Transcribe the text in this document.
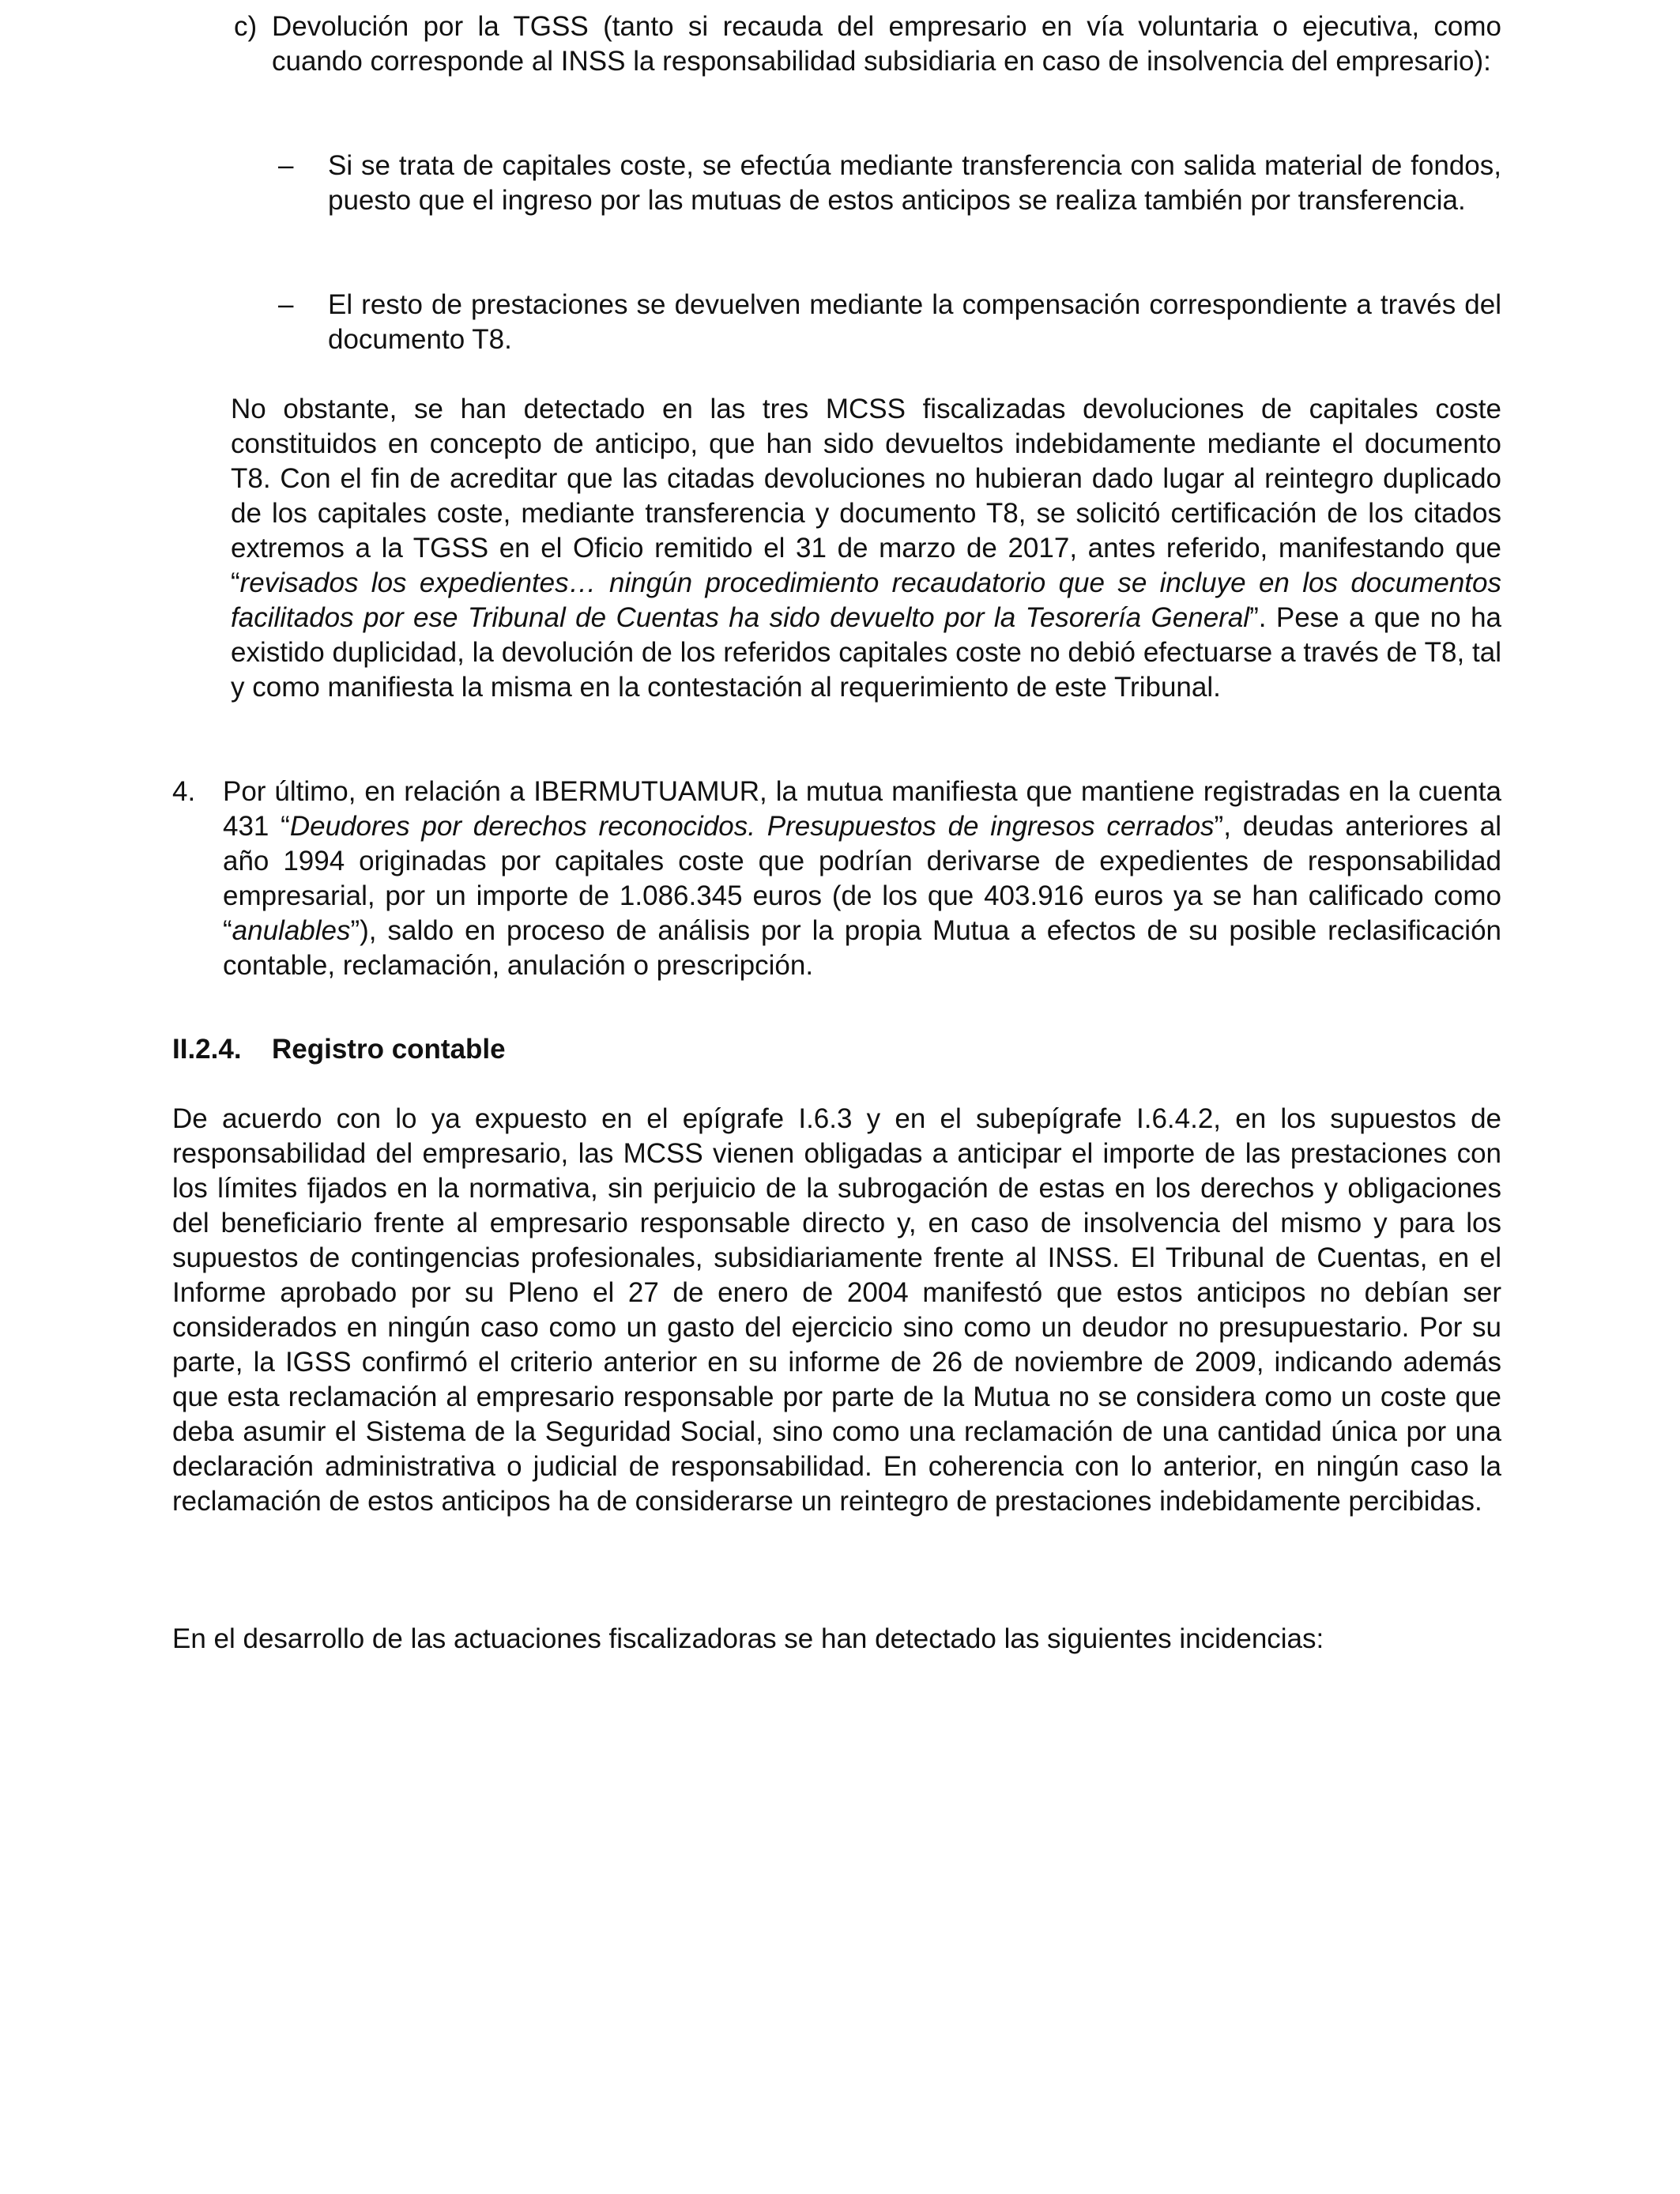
c) Devolución por la TGSS (tanto si recauda del empresario en vía voluntaria o ejecutiva, como cuando corresponde al INSS la responsabilidad subsidiaria en caso de insolvencia del empresario):

– Si se trata de capitales coste, se efectúa mediante transferencia con salida material de fondos, puesto que el ingreso por las mutuas de estos anticipos se realiza también por transferencia.

– El resto de prestaciones se devuelven mediante la compensación correspondiente a través del documento T8.

No obstante, se han detectado en las tres MCSS fiscalizadas devoluciones de capitales coste constituidos en concepto de anticipo, que han sido devueltos indebidamente mediante el documento T8. Con el fin de acreditar que las citadas devoluciones no hubieran dado lugar al reintegro duplicado de los capitales coste, mediante transferencia y documento T8, se solicitó certificación de los citados extremos a la TGSS en el Oficio remitido el 31 de marzo de 2017, antes referido, manifestando que “revisados los expedientes… ningún procedimiento recaudatorio que se incluye en los documentos facilitados por ese Tribunal de Cuentas ha sido devuelto por la Tesorería General”. Pese a que no ha existido duplicidad, la devolución de los referidos capitales coste no debió efectuarse a través de T8, tal y como manifiesta la misma en la contestación al requerimiento de este Tribunal.

4. Por último, en relación a IBERMUTUAMUR, la mutua manifiesta que mantiene registradas en la cuenta 431 “Deudores por derechos reconocidos. Presupuestos de ingresos cerrados”, deudas anteriores al año 1994 originadas por capitales coste que podrían derivarse de expedientes de responsabilidad empresarial, por un importe de 1.086.345 euros (de los que 403.916 euros ya se han calificado como “anulables”), saldo en proceso de análisis por la propia Mutua a efectos de su posible reclasificación contable, reclamación, anulación o prescripción.

II.2.4. Registro contable

De acuerdo con lo ya expuesto en el epígrafe I.6.3 y en el subepígrafe I.6.4.2, en los supuestos de responsabilidad del empresario, las MCSS vienen obligadas a anticipar el importe de las prestaciones con los límites fijados en la normativa, sin perjuicio de la subrogación de estas en los derechos y obligaciones del beneficiario frente al empresario responsable directo y, en caso de insolvencia del mismo y para los supuestos de contingencias profesionales, subsidiariamente frente al INSS. El Tribunal de Cuentas, en el Informe aprobado por su Pleno el 27 de enero de 2004 manifestó que estos anticipos no debían ser considerados en ningún caso como un gasto del ejercicio sino como un deudor no presupuestario. Por su parte, la IGSS confirmó el criterio anterior en su informe de 26 de noviembre de 2009, indicando además que esta reclamación al empresario responsable por parte de la Mutua no se considera como un coste que deba asumir el Sistema de la Seguridad Social, sino como una reclamación de una cantidad única por una declaración administrativa o judicial de responsabilidad. En coherencia con lo anterior, en ningún caso la reclamación de estos anticipos ha de considerarse un reintegro de prestaciones indebidamente percibidas.

En el desarrollo de las actuaciones fiscalizadoras se han detectado las siguientes incidencias:
